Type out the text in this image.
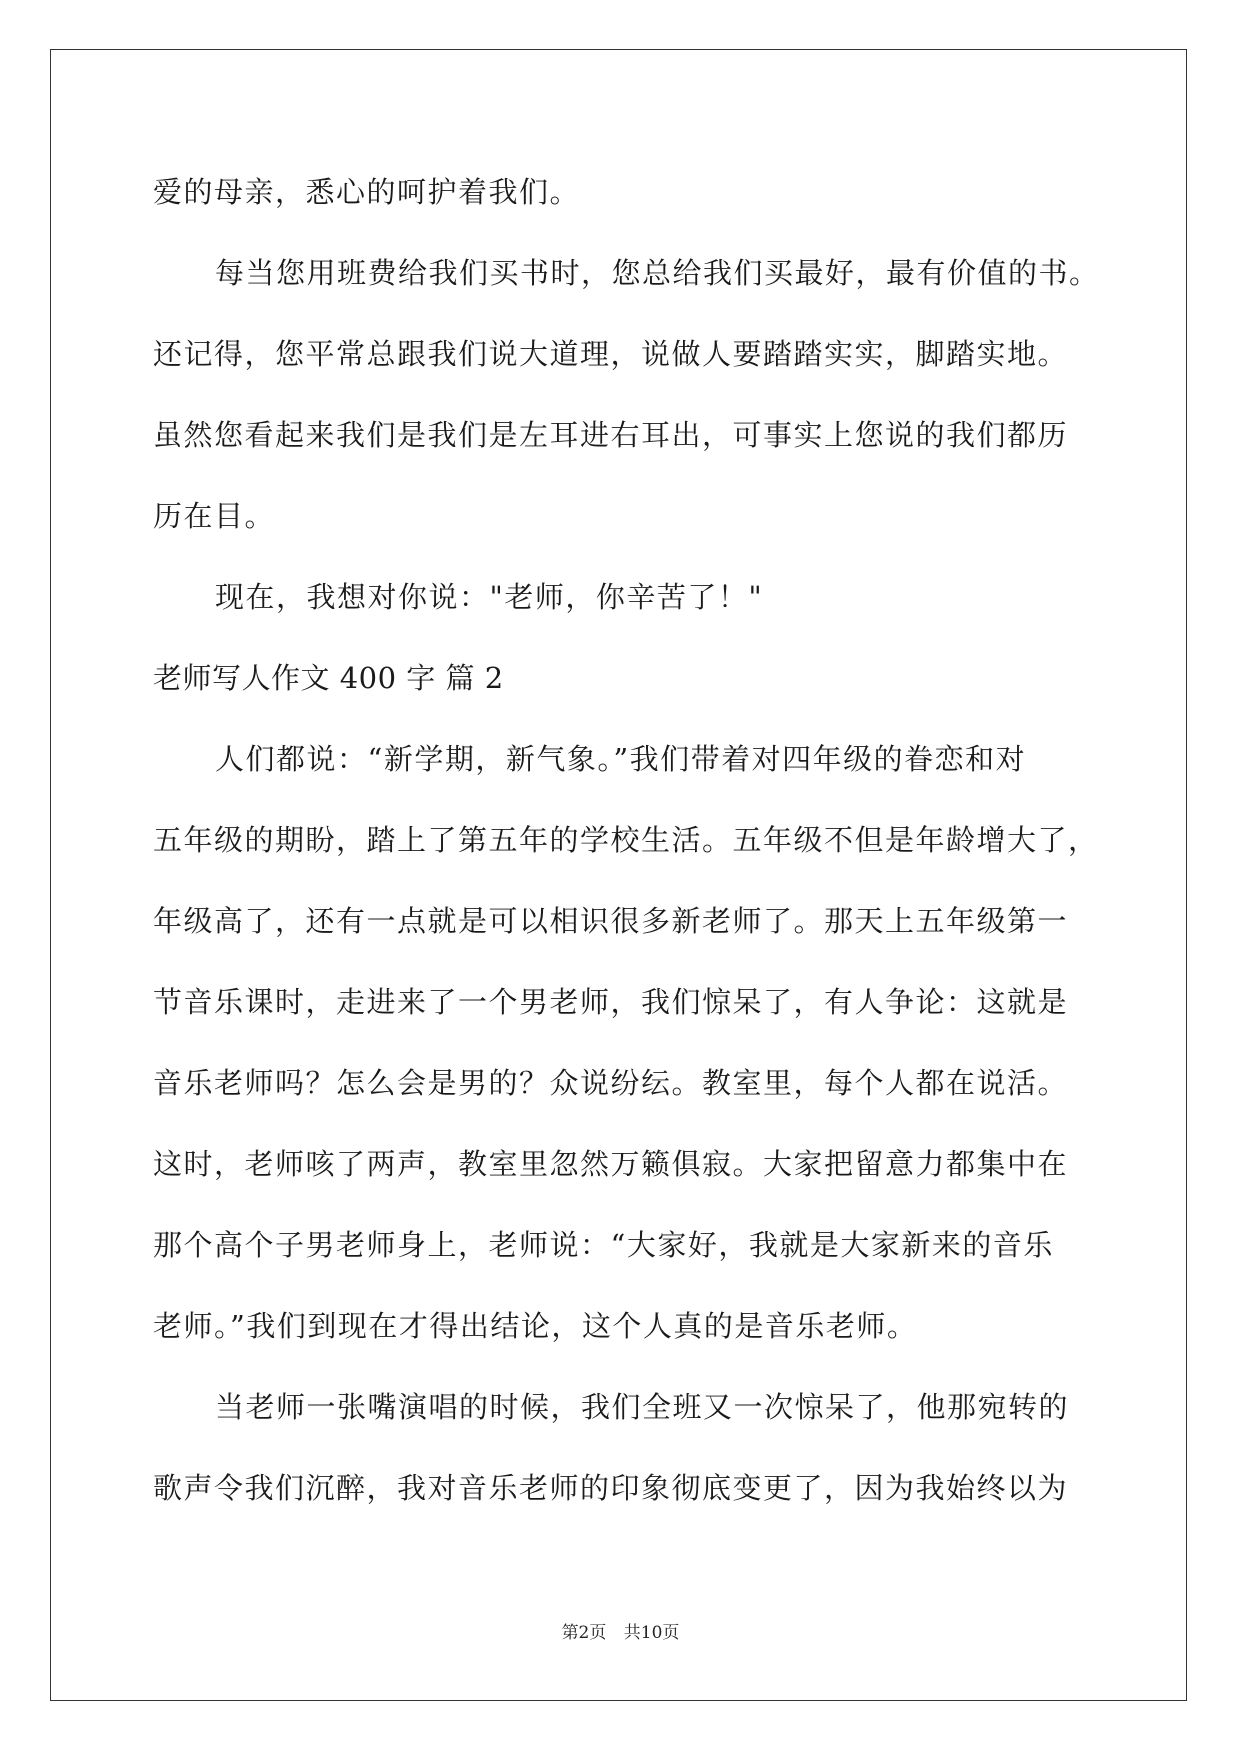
爱的母亲，悉心的呵护着我们。
每当您用班费给我们买书时，您总给我们买最好，最有价值的书。
还记得，您平常总跟我们说大道理，说做人要踏踏实实，脚踏实地。
虽然您看起来我们是我们是左耳进右耳出，可事实上您说的我们都历
历在目。
现在，我想对你说："老师，你辛苦了！"
老师写人作文 400 字 篇 2
人们都说：“新学期，新气象。”我们带着对四年级的眷恋和对
五年级的期盼，踏上了第五年的学校生活。五年级不但是年龄增大了，
年级高了，还有一点就是可以相识很多新老师了。那天上五年级第一
节音乐课时，走进来了一个男老师，我们惊呆了，有人争论：这就是
音乐老师吗？怎么会是男的？众说纷纭。教室里，每个人都在说活。
这时，老师咳了两声，教室里忽然万籁俱寂。大家把留意力都集中在
那个高个子男老师身上，老师说：“大家好，我就是大家新来的音乐
老师。”我们到现在才得出结论，这个人真的是音乐老师。
当老师一张嘴演唱的时候，我们全班又一次惊呆了，他那宛转的
歌声令我们沉醉，我对音乐老师的印象彻底变更了，因为我始终以为
第2页 共10页
